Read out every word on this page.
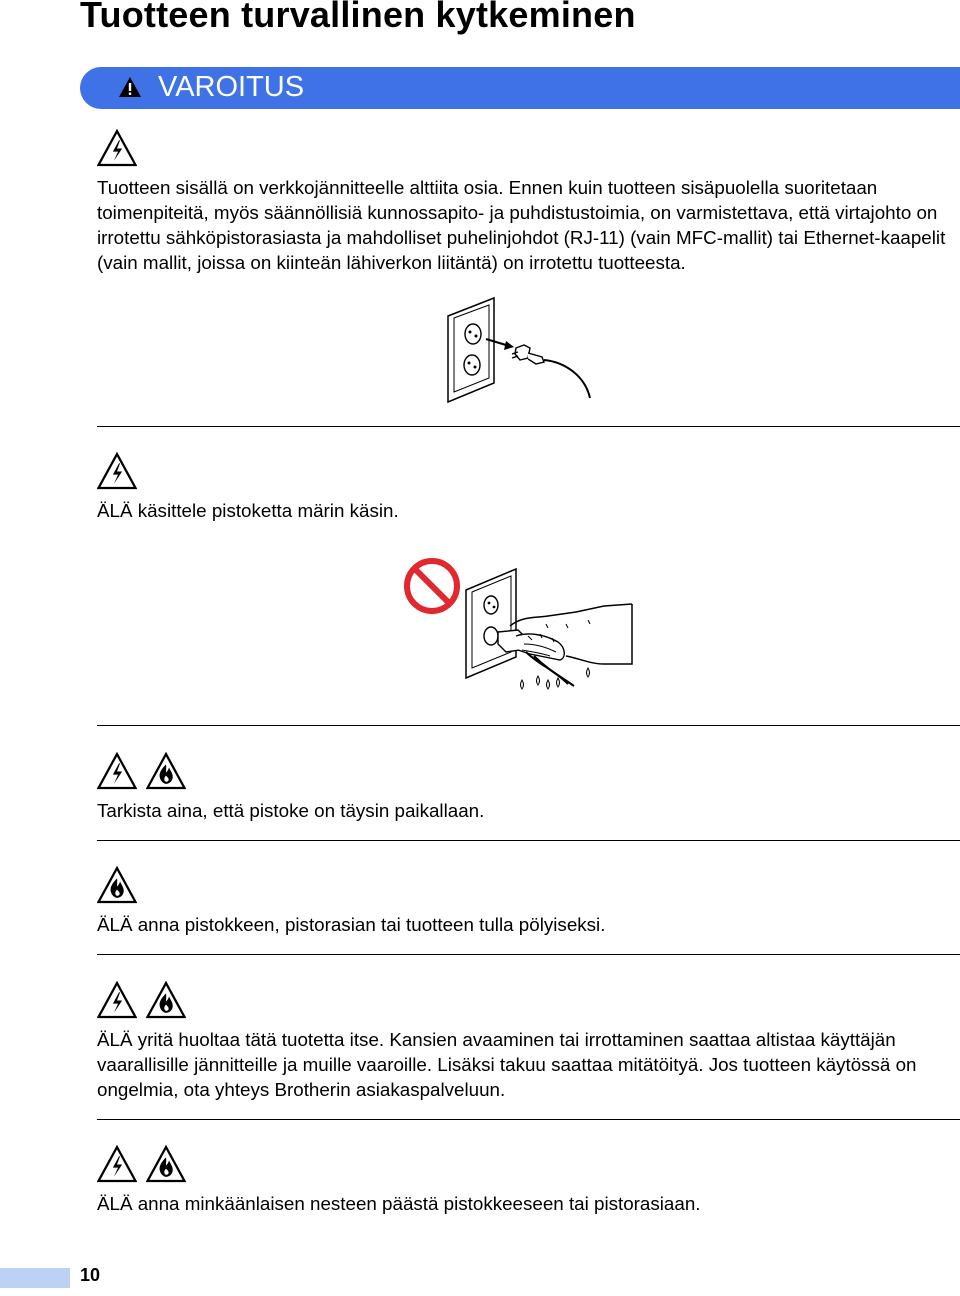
Tuotteen turvallinen kytkeminen
VAROITUS
Tuotteen sisällä on verkkojännitteelle alttiita osia. Ennen kuin tuotteen sisäpuolella suoritetaan toimenpiteitä, myös säännöllisiä kunnossapito- ja puhdistustoimia, on varmistettava, että virtajohto on irrotettu sähköpistorasiasta ja mahdolliset puhelinjohdot (RJ-11) (vain MFC-mallit) tai Ethernet-kaapelit (vain mallit, joissa on kiinteän lähiverkon liitäntä) on irrotettu tuotteesta.
ÄLÄ käsittele pistoketta märin käsin.
Tarkista aina, että pistoke on täysin paikallaan.
ÄLÄ anna pistokkeen, pistorasian tai tuotteen tulla pölyiseksi.
ÄLÄ yritä huoltaa tätä tuotetta itse. Kansien avaaminen tai irrottaminen saattaa altistaa käyttäjän vaarallisille jännitteille ja muille vaaroille. Lisäksi takuu saattaa mitätöityä. Jos tuotteen käytössä on ongelmia, ota yhteys Brotherin asiakaspalveluun.
ÄLÄ anna minkäänlaisen nesteen päästä pistokkeeseen tai pistorasiaan.
10
